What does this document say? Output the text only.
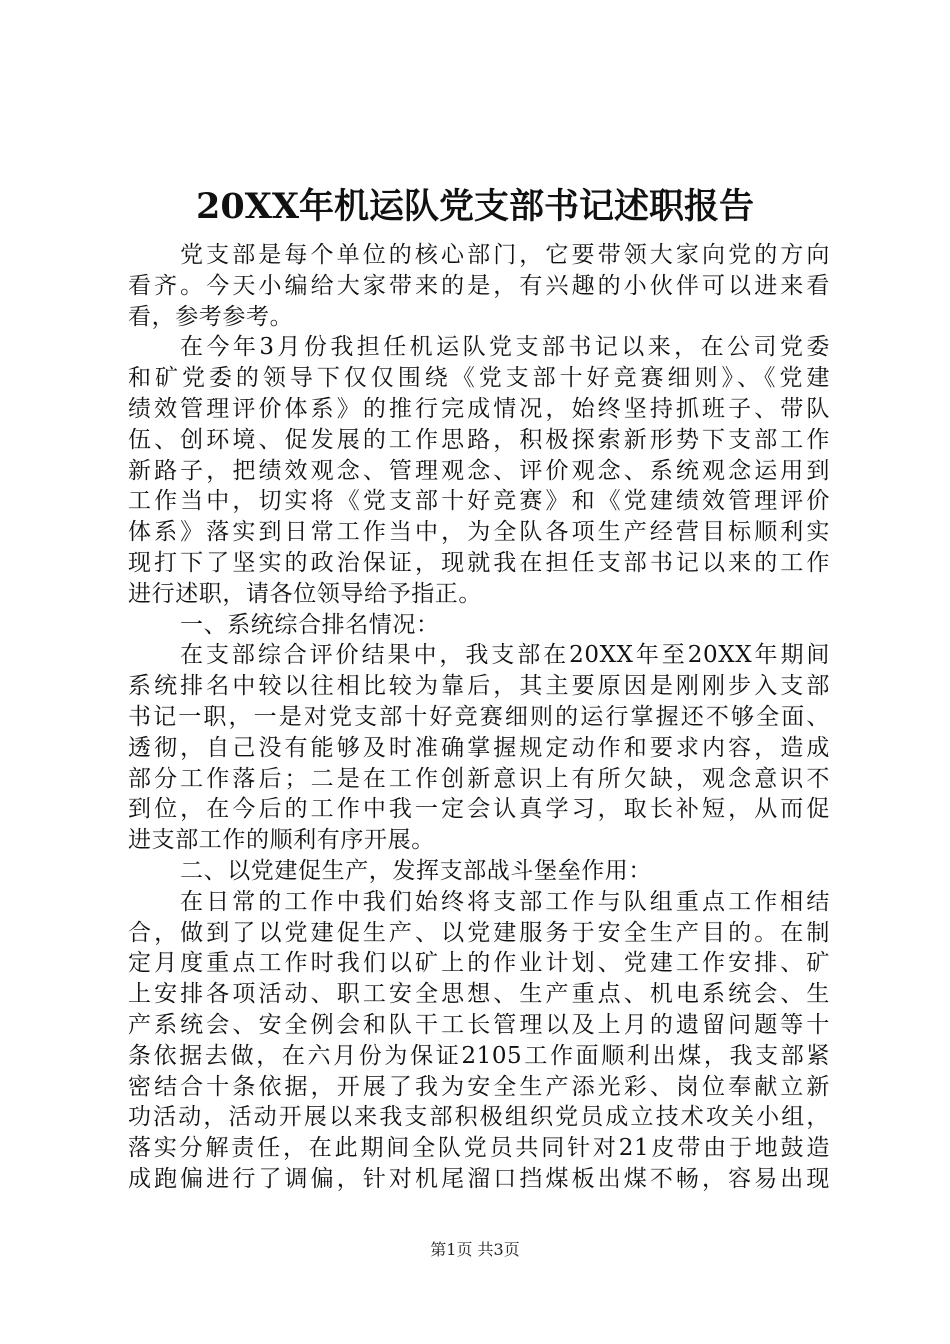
20XX年机运队党支部书记述职报告
党支部是每个单位的核心部门，它要带领大家向党的方向
看齐。今天小编给大家带来的是，有兴趣的小伙伴可以进来看
看，参考参考。
在今年3月份我担任机运队党支部书记以来，在公司党委
和矿党委的领导下仅仅围绕《党支部十好竞赛细则》、《党建
绩效管理评价体系》的推行完成情况，始终坚持抓班子、带队
伍、创环境、促发展的工作思路，积极探索新形势下支部工作
新路子，把绩效观念、管理观念、评价观念、系统观念运用到
工作当中，切实将《党支部十好竞赛》和《党建绩效管理评价
体系》落实到日常工作当中，为全队各项生产经营目标顺利实
现打下了坚实的政治保证，现就我在担任支部书记以来的工作
进行述职，请各位领导给予指正。
一、系统综合排名情况：
在支部综合评价结果中，我支部在20XX年至20XX年期间
系统排名中较以往相比较为靠后，其主要原因是刚刚步入支部
书记一职，一是对党支部十好竞赛细则的运行掌握还不够全面、
透彻，自己没有能够及时准确掌握规定动作和要求内容，造成
部分工作落后；二是在工作创新意识上有所欠缺，观念意识不
到位，在今后的工作中我一定会认真学习，取长补短，从而促
进支部工作的顺利有序开展。
二、以党建促生产，发挥支部战斗堡垒作用：
在日常的工作中我们始终将支部工作与队组重点工作相结
合，做到了以党建促生产、以党建服务于安全生产目的。在制
定月度重点工作时我们以矿上的作业计划、党建工作安排、矿
上安排各项活动、职工安全思想、生产重点、机电系统会、生
产系统会、安全例会和队干工长管理以及上月的遗留问题等十
条依据去做，在六月份为保证2105工作面顺利出煤，我支部紧
密结合十条依据，开展了我为安全生产添光彩、岗位奉献立新
功活动，活动开展以来我支部积极组织党员成立技术攻关小组，
落实分解责任，在此期间全队党员共同针对21皮带由于地鼓造
成跑偏进行了调偏，针对机尾溜口挡煤板出煤不畅，容易出现
第1页 共3页
